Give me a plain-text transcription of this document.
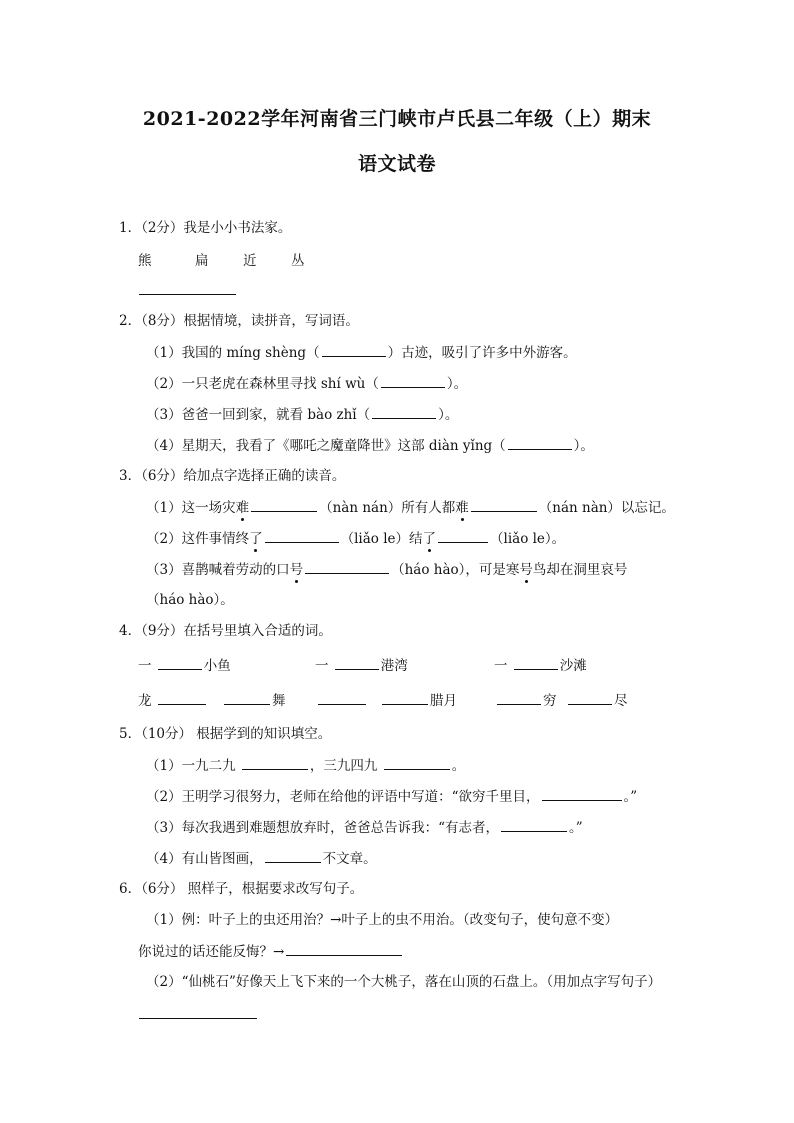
2021-2022学年河南省三门峡市卢氏县二年级（上）期末
语文试卷
1．（2分）我是小小书法家。
熊	扁	近	丛
2．（8分）根据情境，读拼音，写词语。
（1）我国的 míng shèng（	）古迹，吸引了许多中外游客。
（2）一只老虎在森林里寻找 shí wù（	）。
（3）爸爸一回到家，就看 bào zhǐ（	）。
（4）星期天，我看了《哪吒之魔童降世》这部 diàn yǐng（	）。
3．（6分）给加点字选择正确的读音。
（1）这一场灾难	（nàn nán）所有人都难	（nán nàn）以忘记。
（2）这件事情终了	（liǎo le）结了	（liǎo le）。
（3）喜鹊喊着劳动的口号	（háo hào），可是寒号鸟却在洞里哀号
（háo hào）。
4．（9分）在括号里填入合适的词。
一	小鱼	一	港湾	一	沙滩
龙	舞	腊月	穷	尽
5．（10分） 根据学到的知识填空。
（1）一九二九	，三九四九	。
（2）王明学习很努力，老师在给他的评语中写道：“欲穷千里目，	。”
（3）每次我遇到难题想放弃时，爸爸总告诉我：“有志者，	。”
（4）有山皆图画，	不文章。
6．（6分） 照样子，根据要求改写句子。
（1）例：叶子上的虫还用治？→叶子上的虫不用治。（改变句子，使句意不变）
你说过的话还能反悔？→
（2）“仙桃石”好像天上飞下来的一个大桃子，落在山顶的石盘上。（用加点字写句子）
